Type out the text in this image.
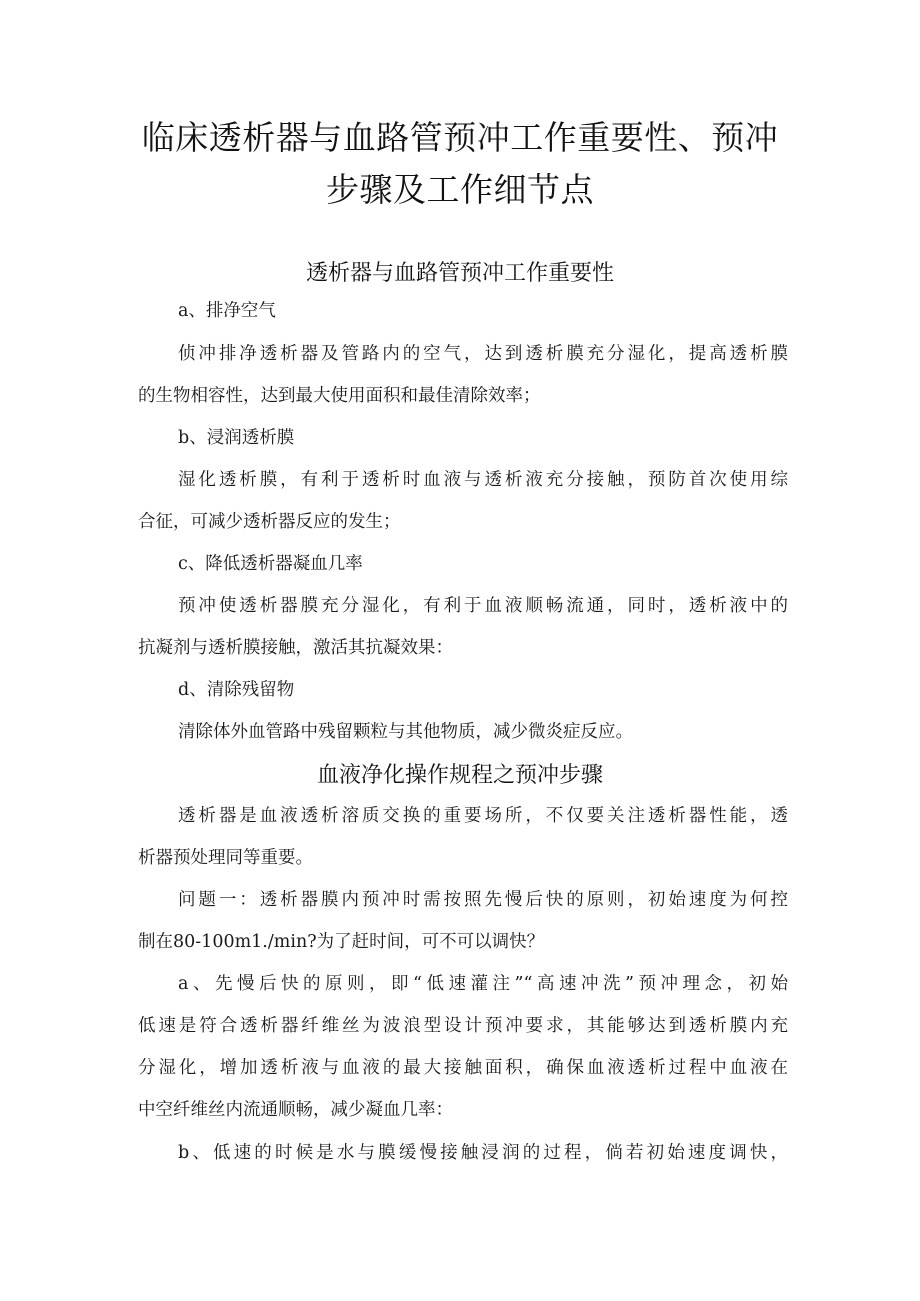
临床透析器与血路管预冲工作重要性、预冲
步骤及工作细节点
透析器与血路管预冲工作重要性
a、排净空气
侦冲排净透析器及管路内的空气，达到透析膜充分湿化，提高透析膜
的生物相容性，达到最大使用面积和最佳清除效率；
b、浸润透析膜
湿化透析膜，有利于透析时血液与透析液充分接触，预防首次使用综
合征，可减少透析器反应的发生；
c、降低透析器凝血几率
预冲使透析器膜充分湿化，有利于血液顺畅流通，同时，透析液中的
抗凝剂与透析膜接触，激活其抗凝效果：
d、清除残留物
清除体外血管路中残留颗粒与其他物质，减少微炎症反应。
血液净化操作规程之预冲步骤
透析器是血液透析溶质交换的重要场所，不仅要关注透析器性能，透
析器预处理同等重要。
问题一：透析器膜内预冲时需按照先慢后快的原则，初始速度为何控
制在80-100m1./min?为了赶时间，可不可以调快？
a、先慢后快的原则，即“低速灌注”“高速冲洗”预冲理念，初始
低速是符合透析器纤维丝为波浪型设计预冲要求，其能够达到透析膜内充
分湿化，增加透析液与血液的最大接触面积，确保血液透析过程中血液在
中空纤维丝内流通顺畅，减少凝血几率：
b、低速的时候是水与膜缓慢接触浸润的过程，倘若初始速度调快，
